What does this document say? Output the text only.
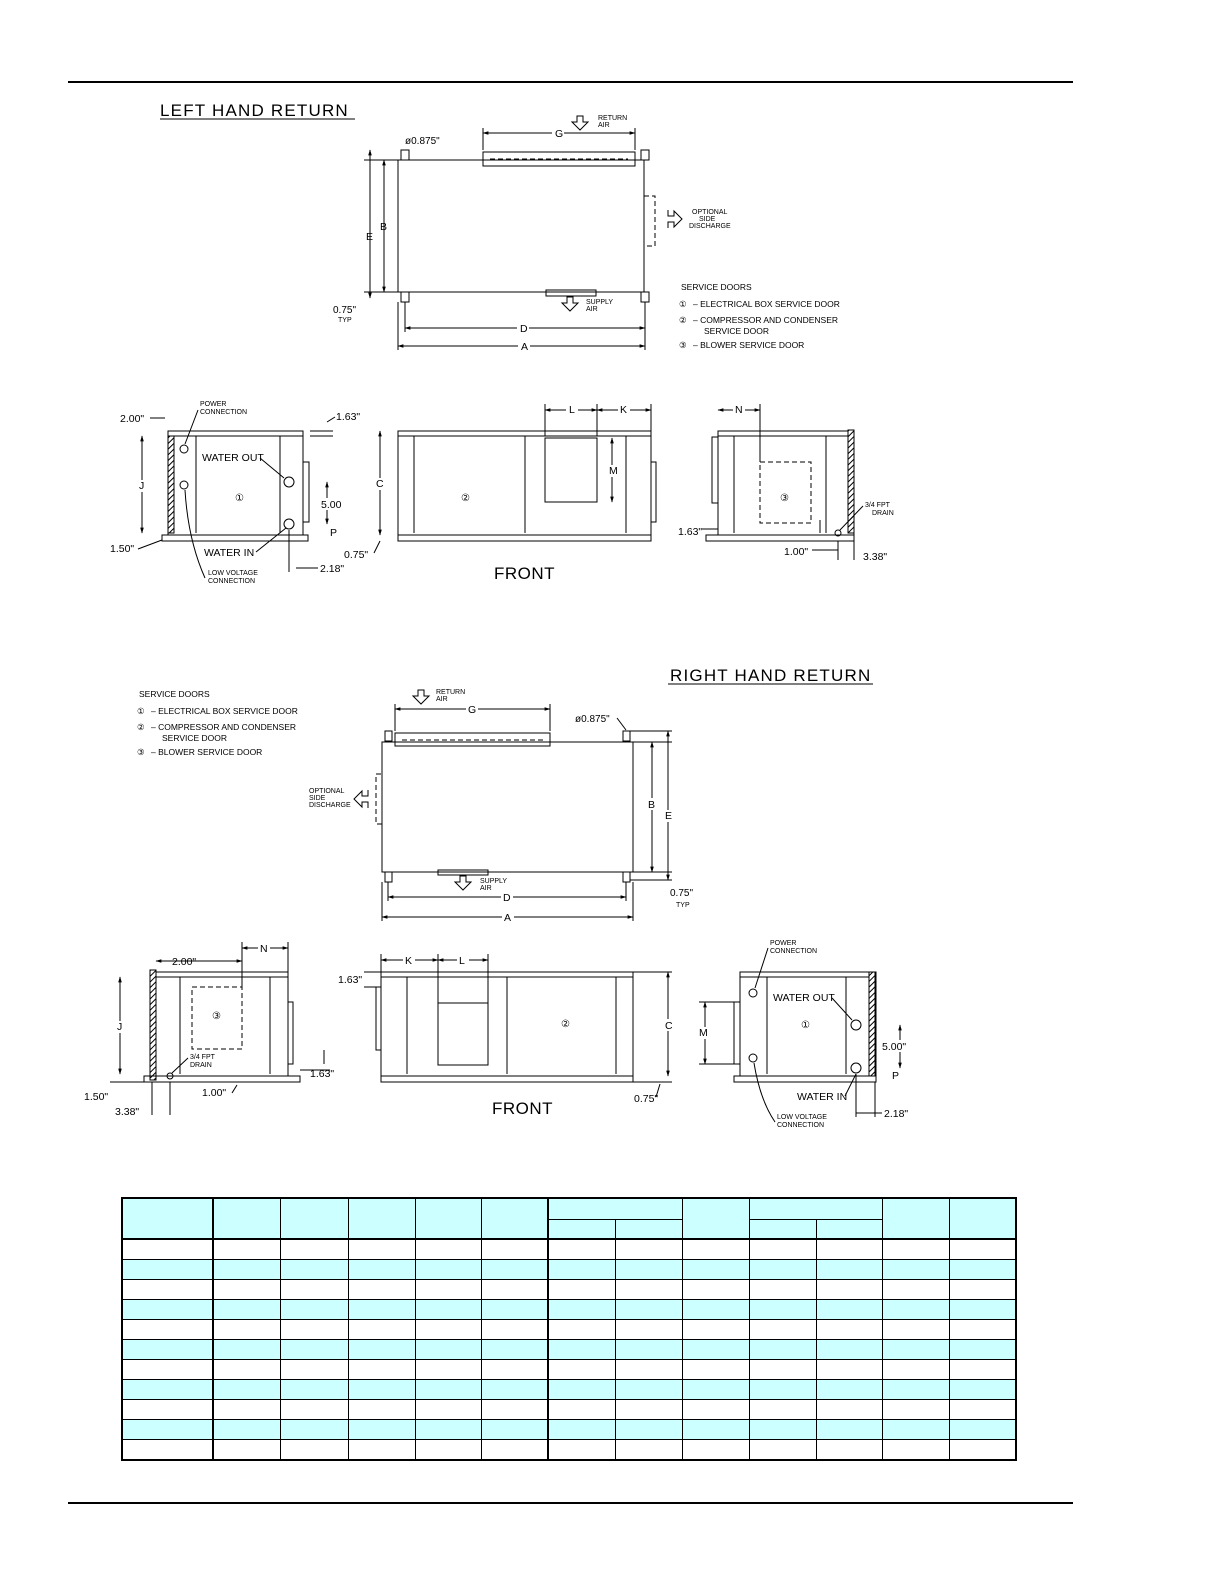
LEFT HAND RETURN
G
B
E
D
A
ø0.875"
RETURN
AIR
SUPPLY
AIR
OPTIONAL
SIDE
DISCHARGE
0.75"
TYP
SERVICE DOORS
① – ELECTRICAL BOX SERVICE DOOR
② – COMPRESSOR AND CONDENSER
SERVICE DOOR
③ – BLOWER SERVICE DOOR
①
POWER
CONNECTION
2.00"	1.63"
WATER OUT
WATER IN
5.00
P
J
1.50"
2.18"
LOW VOLTAGE
CONNECTION
②
L	K
M
C
0.75"
FRONT
③
N
3/4 FPT
DRAIN
1.63"
1.00"	3.38"
RIGHT HAND RETURN
SERVICE DOORS
① – ELECTRICAL BOX SERVICE DOOR
② – COMPRESSOR AND CONDENSER
SERVICE DOOR
③ – BLOWER SERVICE DOOR
G
B
E
D
A
ø0.875"
RETURN
AIR
SUPPLY
AIR
OPTIONAL
SIDE
DISCHARGE
0.75"
TYP
③
2.00"
N
J
3/4 FPT
DRAIN
1.63"
1.50"	1.00"
3.38"
②
K	L
1.63"
C
0.75"
FRONT
①
POWER
CONNECTION
WATER OUT
WATER IN
M
5.00"
P
2.18"
LOW VOLTAGE
CONNECTION
